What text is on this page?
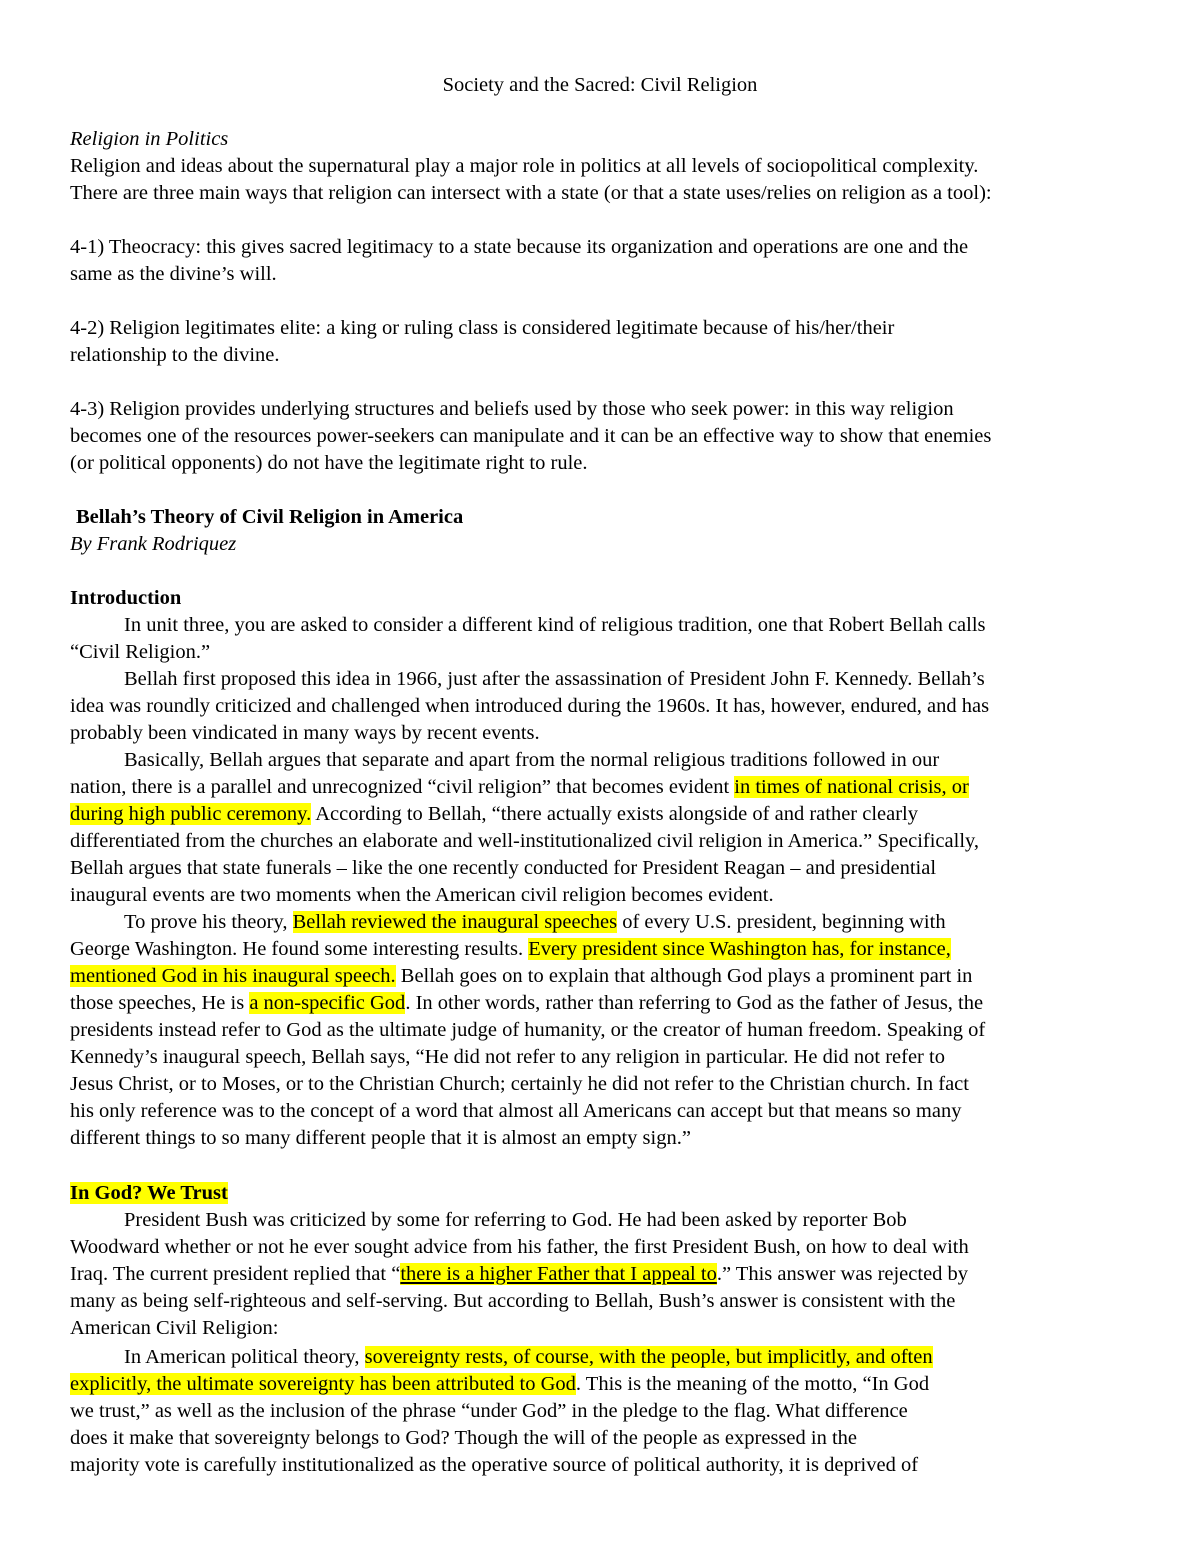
Society and the Sacred: Civil Religion
Religion in Politics
Religion and ideas about the supernatural play a major role in politics at all levels of sociopolitical complexity.
There are three main ways that religion can intersect with a state (or that a state uses/relies on religion as a tool):
4-1) Theocracy: this gives sacred legitimacy to a state because its organization and operations are one and the
same as the divine’s will.
4-2) Religion legitimates elite: a king or ruling class is considered legitimate because of his/her/their
relationship to the divine.
4-3) Religion provides underlying structures and beliefs used by those who seek power: in this way religion
becomes one of the resources power-seekers can manipulate and it can be an effective way to show that enemies
(or political opponents) do not have the legitimate right to rule.
Bellah’s Theory of Civil Religion in America
By Frank Rodriquez
Introduction
In unit three, you are asked to consider a different kind of religious tradition, one that Robert Bellah calls
“Civil Religion.”
Bellah first proposed this idea in 1966, just after the assassination of President John F. Kennedy. Bellah’s
idea was roundly criticized and challenged when introduced during the 1960s. It has, however, endured, and has
probably been vindicated in many ways by recent events.
Basically, Bellah argues that separate and apart from the normal religious traditions followed in our
nation, there is a parallel and unrecognized “civil religion” that becomes evident in times of national crisis, or
during high public ceremony. According to Bellah, “there actually exists alongside of and rather clearly
differentiated from the churches an elaborate and well-institutionalized civil religion in America.” Specifically,
Bellah argues that state funerals – like the one recently conducted for President Reagan – and presidential
inaugural events are two moments when the American civil religion becomes evident.
To prove his theory, Bellah reviewed the inaugural speeches of every U.S. president, beginning with
George Washington. He found some interesting results. Every president since Washington has, for instance,
mentioned God in his inaugural speech. Bellah goes on to explain that although God plays a prominent part in
those speeches, He is a non-specific God. In other words, rather than referring to God as the father of Jesus, the
presidents instead refer to God as the ultimate judge of humanity, or the creator of human freedom. Speaking of
Kennedy’s inaugural speech, Bellah says, “He did not refer to any religion in particular. He did not refer to
Jesus Christ, or to Moses, or to the Christian Church; certainly he did not refer to the Christian church. In fact
his only reference was to the concept of a word that almost all Americans can accept but that means so many
different things to so many different people that it is almost an empty sign.”
In God? We Trust
President Bush was criticized by some for referring to God. He had been asked by reporter Bob
Woodward whether or not he ever sought advice from his father, the first President Bush, on how to deal with
Iraq. The current president replied that “there is a higher Father that I appeal to.” This answer was rejected by
many as being self-righteous and self-serving. But according to Bellah, Bush’s answer is consistent with the
American Civil Religion:
In American political theory, sovereignty rests, of course, with the people, but implicitly, and often
explicitly, the ultimate sovereignty has been attributed to God. This is the meaning of the motto, “In God
we trust,” as well as the inclusion of the phrase “under God” in the pledge to the flag. What difference
does it make that sovereignty belongs to God? Though the will of the people as expressed in the
majority vote is carefully institutionalized as the operative source of political authority, it is deprived of
